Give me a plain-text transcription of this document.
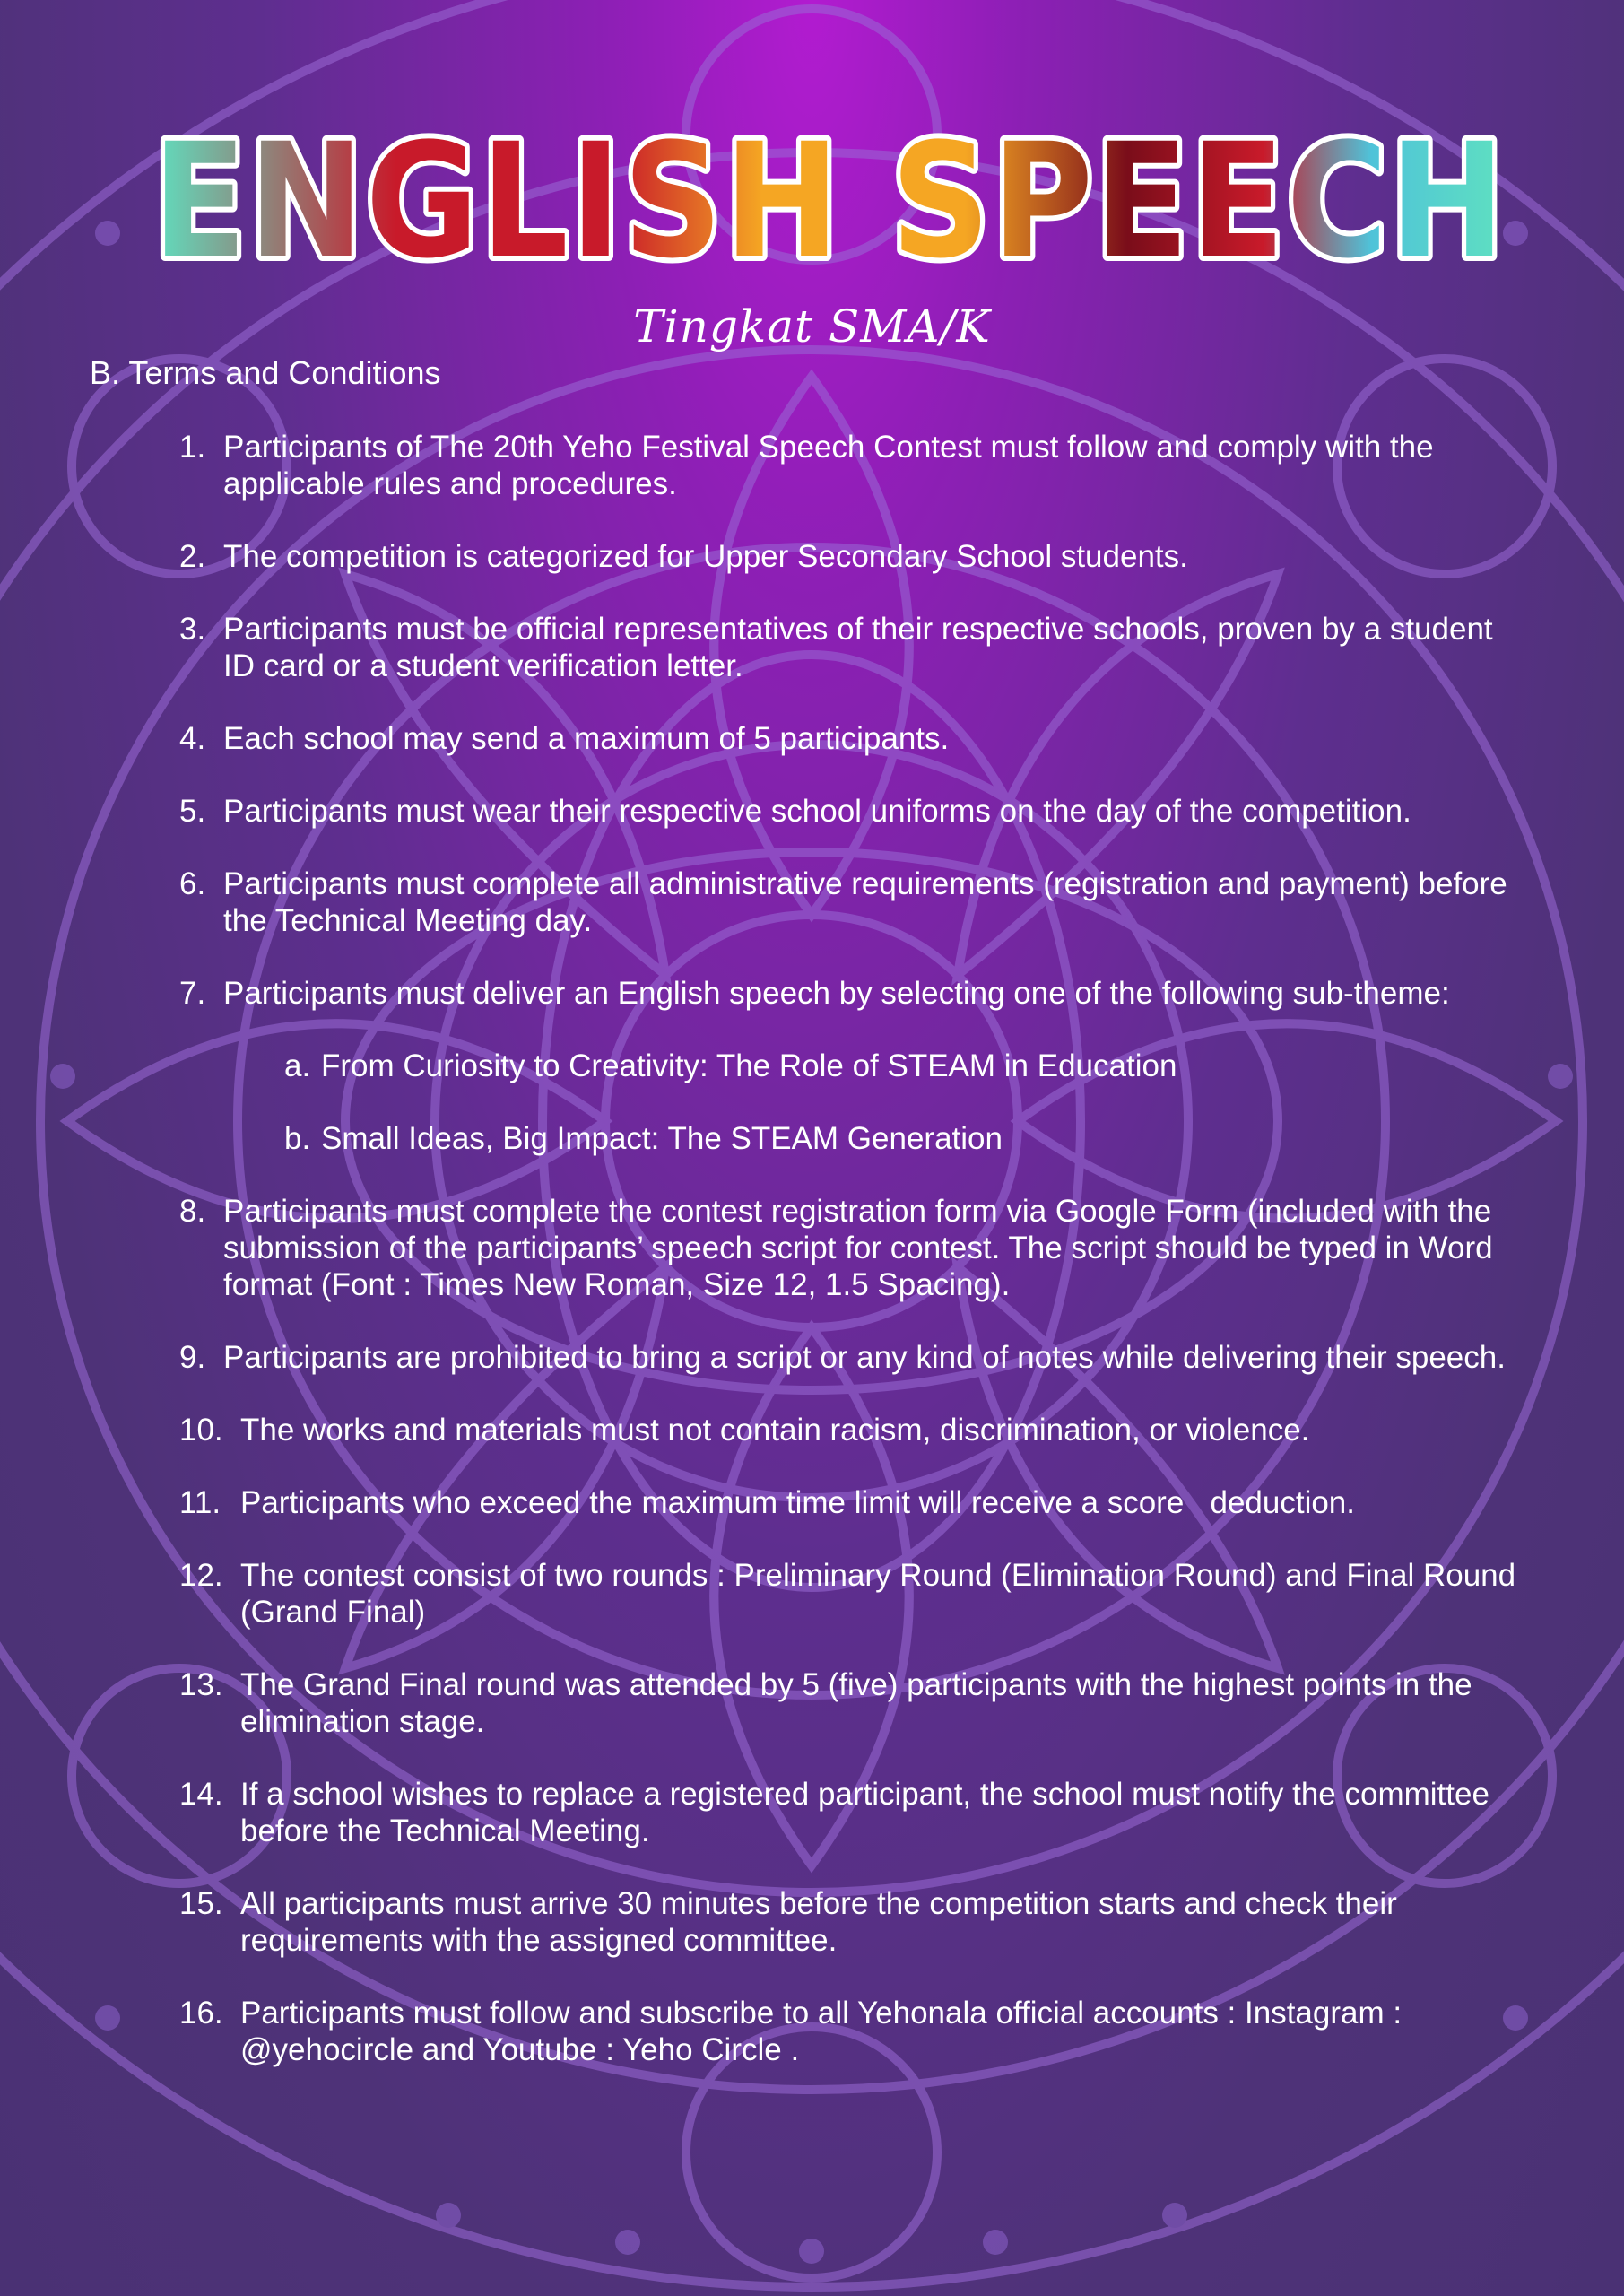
ENGLISH SPEECH
Tingkat SMA/K
B. Terms and Conditions
1. Participants of The 20th Yeho Festival Speech Contest must follow and comply with the applicable rules and procedures.
2. The competition is categorized for Upper Secondary School students.
3. Participants must be official representatives of their respective schools, proven by a student ID card or a student verification letter.
4. Each school may send a maximum of 5 participants.
5. Participants must wear their respective school uniforms on the day of the competition.
6. Participants must complete all administrative requirements (registration and payment) before the Technical Meeting day.
7. Participants must deliver an English speech by selecting one of the following sub-theme:
a. From Curiosity to Creativity: The Role of STEAM in Education
b. Small Ideas, Big Impact: The STEAM Generation
8. Participants must complete the contest registration form via Google Form (included with the submission of the participants’ speech script for contest. The script should be typed in Word format (Font : Times New Roman, Size 12, 1.5 Spacing).
9. Participants are prohibited to bring a script or any kind of notes while delivering their speech.
10. The works and materials must not contain racism, discrimination, or violence.
11. Participants who exceed the maximum time limit will receive a score   deduction.
12. The contest consist of two rounds : Preliminary Round (Elimination Round) and Final Round (Grand Final)
13. The Grand Final round was attended by 5 (five) participants with the highest points in the elimination stage.
14. If a school wishes to replace a registered participant, the school must notify the committee before the Technical Meeting.
15. All participants must arrive 30 minutes before the competition starts and check their requirements with the assigned committee.
16. Participants must follow and subscribe to all Yehonala official accounts : Instagram : @yehocircle and Youtube : Yeho Circle .
